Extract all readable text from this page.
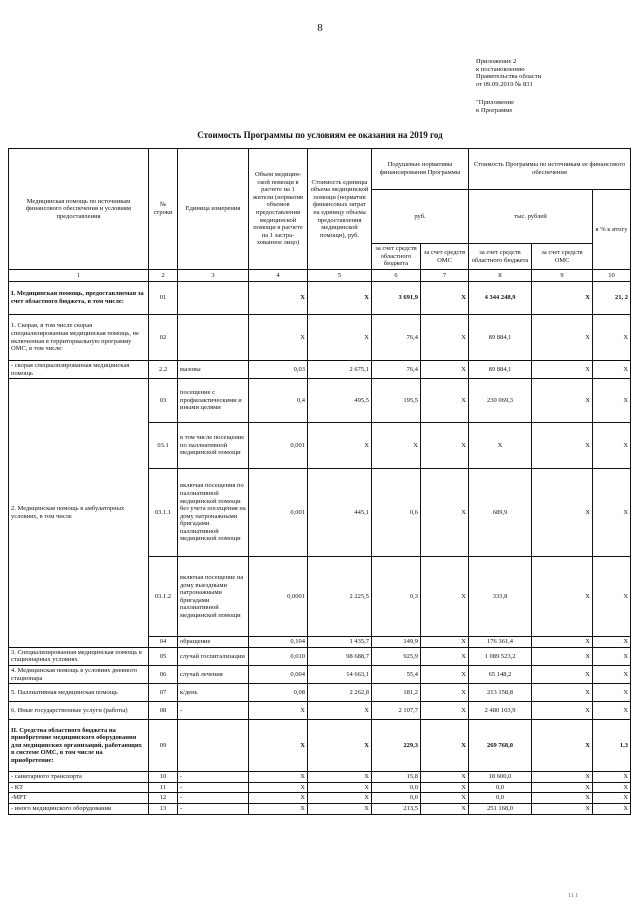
8
Приложение 2
к постановлению
Правительства области
от 09.09.2019 № 831
"Приложение
к Программе
Стоимость Программы по условиям ее оказания на 2019 год
Медицинская помощь по источникам финансового обеспечения и условиям предоставления	№ строки	Единица измерения	Объем медицин-ской помощи в расчете на 1 жители (норматив объемов предоставления медицинской помощи в расчете на 1 застра-хованное лицо)	Стоимость единицы объема медицинской помощи (норматив финансовых затрат на единицу объема предоставления медицинской помощи), руб.	Подушевые нормативы финансирования Программы		Стоимость Программы по источникам ее финансового обеспечения		
					руб.		тыс. рублей		в % к итогу
					за счет средств областного бюджета	за счет средств ОМС	за счет средств областного бюджета	за счет средств ОМС	
1	2	3	4	5	6	7	8	9	10
I. Медицинская помощь, предоставляемая за счет областного бюджета, в том числе:	01		X	X	3 691,9	X	4 344 248,9	X	21, 2
1. Скорая, в том числе скорая специализированная медицинская помощь, не включенная в территориальную программу ОМС, в том числе:	02		X	X	76,4	X	89 884,1	X	X
- скорая специализированная медицинская помощь	2.2	вызовы	0,03	2 675,1	76,4	X	89 884,1	X	X
2. Медицинская помощь в амбулаторных условиях, в том числе	03	посещение с профилактическими и иными целями	0,4	495,5	195,5	X	230 069,3	X	X
	03.1	в том числе посещение по паллиативной медицинской помощи	0,001	X	X	X	X	X	X
	03.1.1	включая посещения по паллиативной медицинской помощи без учета посещения на дому патронажными бригадами паллиативной медицинской помощи	0,001	445,1	0,6	X	689,9	X	X
	03.1.2	включая посещение на дому выездными патронажными бригадами паллиативной медицинской помощи	0,0001	2 225,5	0,3	X	333,8	X	X
	04	обращение	0,104	1 435,7	149,9	X	176 361,4	X	X
3. Специализированная медицинская помощь в стационарных условиях	05	случай госпитализации	0,010	98 688,7	925,9	X	1 089 523,2	X	X
4. Медицинская помощь в условиях дневного стационара	06	случай лечения	0,004	14 663,1	55,4	X	65 148,2	X	X
5. Паллиативная медицинская помощь	07	к/день	0,08	2 262,8	181,2	X	213 158,8	X	X
6. Иные государственные услуги (работы)	08	-	X	X	2 107,7	X	2 480 103,9	X	X
II. Средства областного бюджета на приобретение медицинского оборудования для медицинских организаций, работающих в системе ОМС, в том числе на приобретение:	09		X	X	229,3	X	269 768,0	X	1,3
- санитарного транспорта	10	-	X	X	15,8	X	18 600,0	X	X
- КТ	11	-	X	X	0,0	X	0,0	X	X
-МРТ	12	-	X	X	0,0	X	0,0	X	X
- иного медицинского оборудования	13	-	X	X	213,5	X	251 168,0	X	X
11 1
